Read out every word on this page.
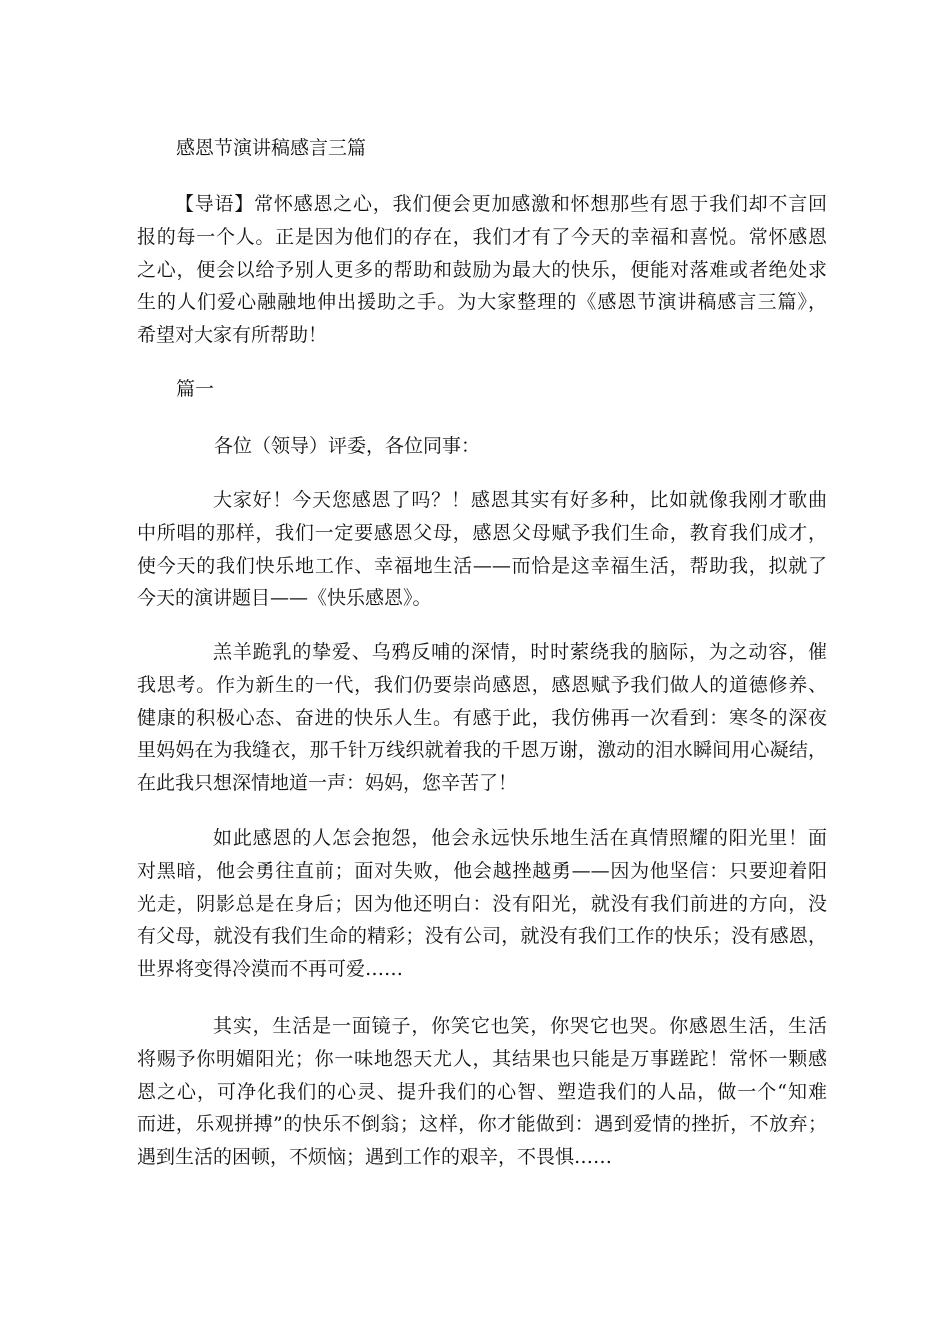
感恩节演讲稿感言三篇
【导语】常怀感恩之心，我们便会更加感激和怀想那些有恩于我们却不言回
报的每一个人。正是因为他们的存在，我们才有了今天的幸福和喜悦。常怀感恩
之心，便会以给予别人更多的帮助和鼓励为最大的快乐，便能对落难或者绝处求
生的人们爱心融融地伸出援助之手。为大家整理的《感恩节演讲稿感言三篇》，
希望对大家有所帮助！
篇一
各位（领导）评委，各位同事：
大家好！今天您感恩了吗？！感恩其实有好多种，比如就像我刚才歌曲
中所唱的那样，我们一定要感恩父母，感恩父母赋予我们生命，教育我们成才，
使今天的我们快乐地工作、幸福地生活——而恰是这幸福生活，帮助我，拟就了
今天的演讲题目——《快乐感恩》。
羔羊跪乳的挚爱、乌鸦反哺的深情，时时萦绕我的脑际，为之动容，催
我思考。作为新生的一代，我们仍要崇尚感恩，感恩赋予我们做人的道德修养、
健康的积极心态、奋进的快乐人生。有感于此，我仿佛再一次看到：寒冬的深夜
里妈妈在为我缝衣，那千针万线织就着我的千恩万谢，激动的泪水瞬间用心凝结，
在此我只想深情地道一声：妈妈，您辛苦了！
如此感恩的人怎会抱怨，他会永远快乐地生活在真情照耀的阳光里！面
对黑暗，他会勇往直前；面对失败，他会越挫越勇——因为他坚信：只要迎着阳
光走，阴影总是在身后；因为他还明白：没有阳光，就没有我们前进的方向，没
有父母，就没有我们生命的精彩；没有公司，就没有我们工作的快乐；没有感恩，
世界将变得冷漠而不再可爱……
其实，生活是一面镜子，你笑它也笑，你哭它也哭。你感恩生活，生活
将赐予你明媚阳光；你一味地怨天尤人，其结果也只能是万事蹉跎！常怀一颗感
恩之心，可净化我们的心灵、提升我们的心智、塑造我们的人品，做一个“知难
而进，乐观拼搏”的快乐不倒翁；这样，你才能做到：遇到爱情的挫折，不放弃；
遇到生活的困顿，不烦恼；遇到工作的艰辛，不畏惧……
